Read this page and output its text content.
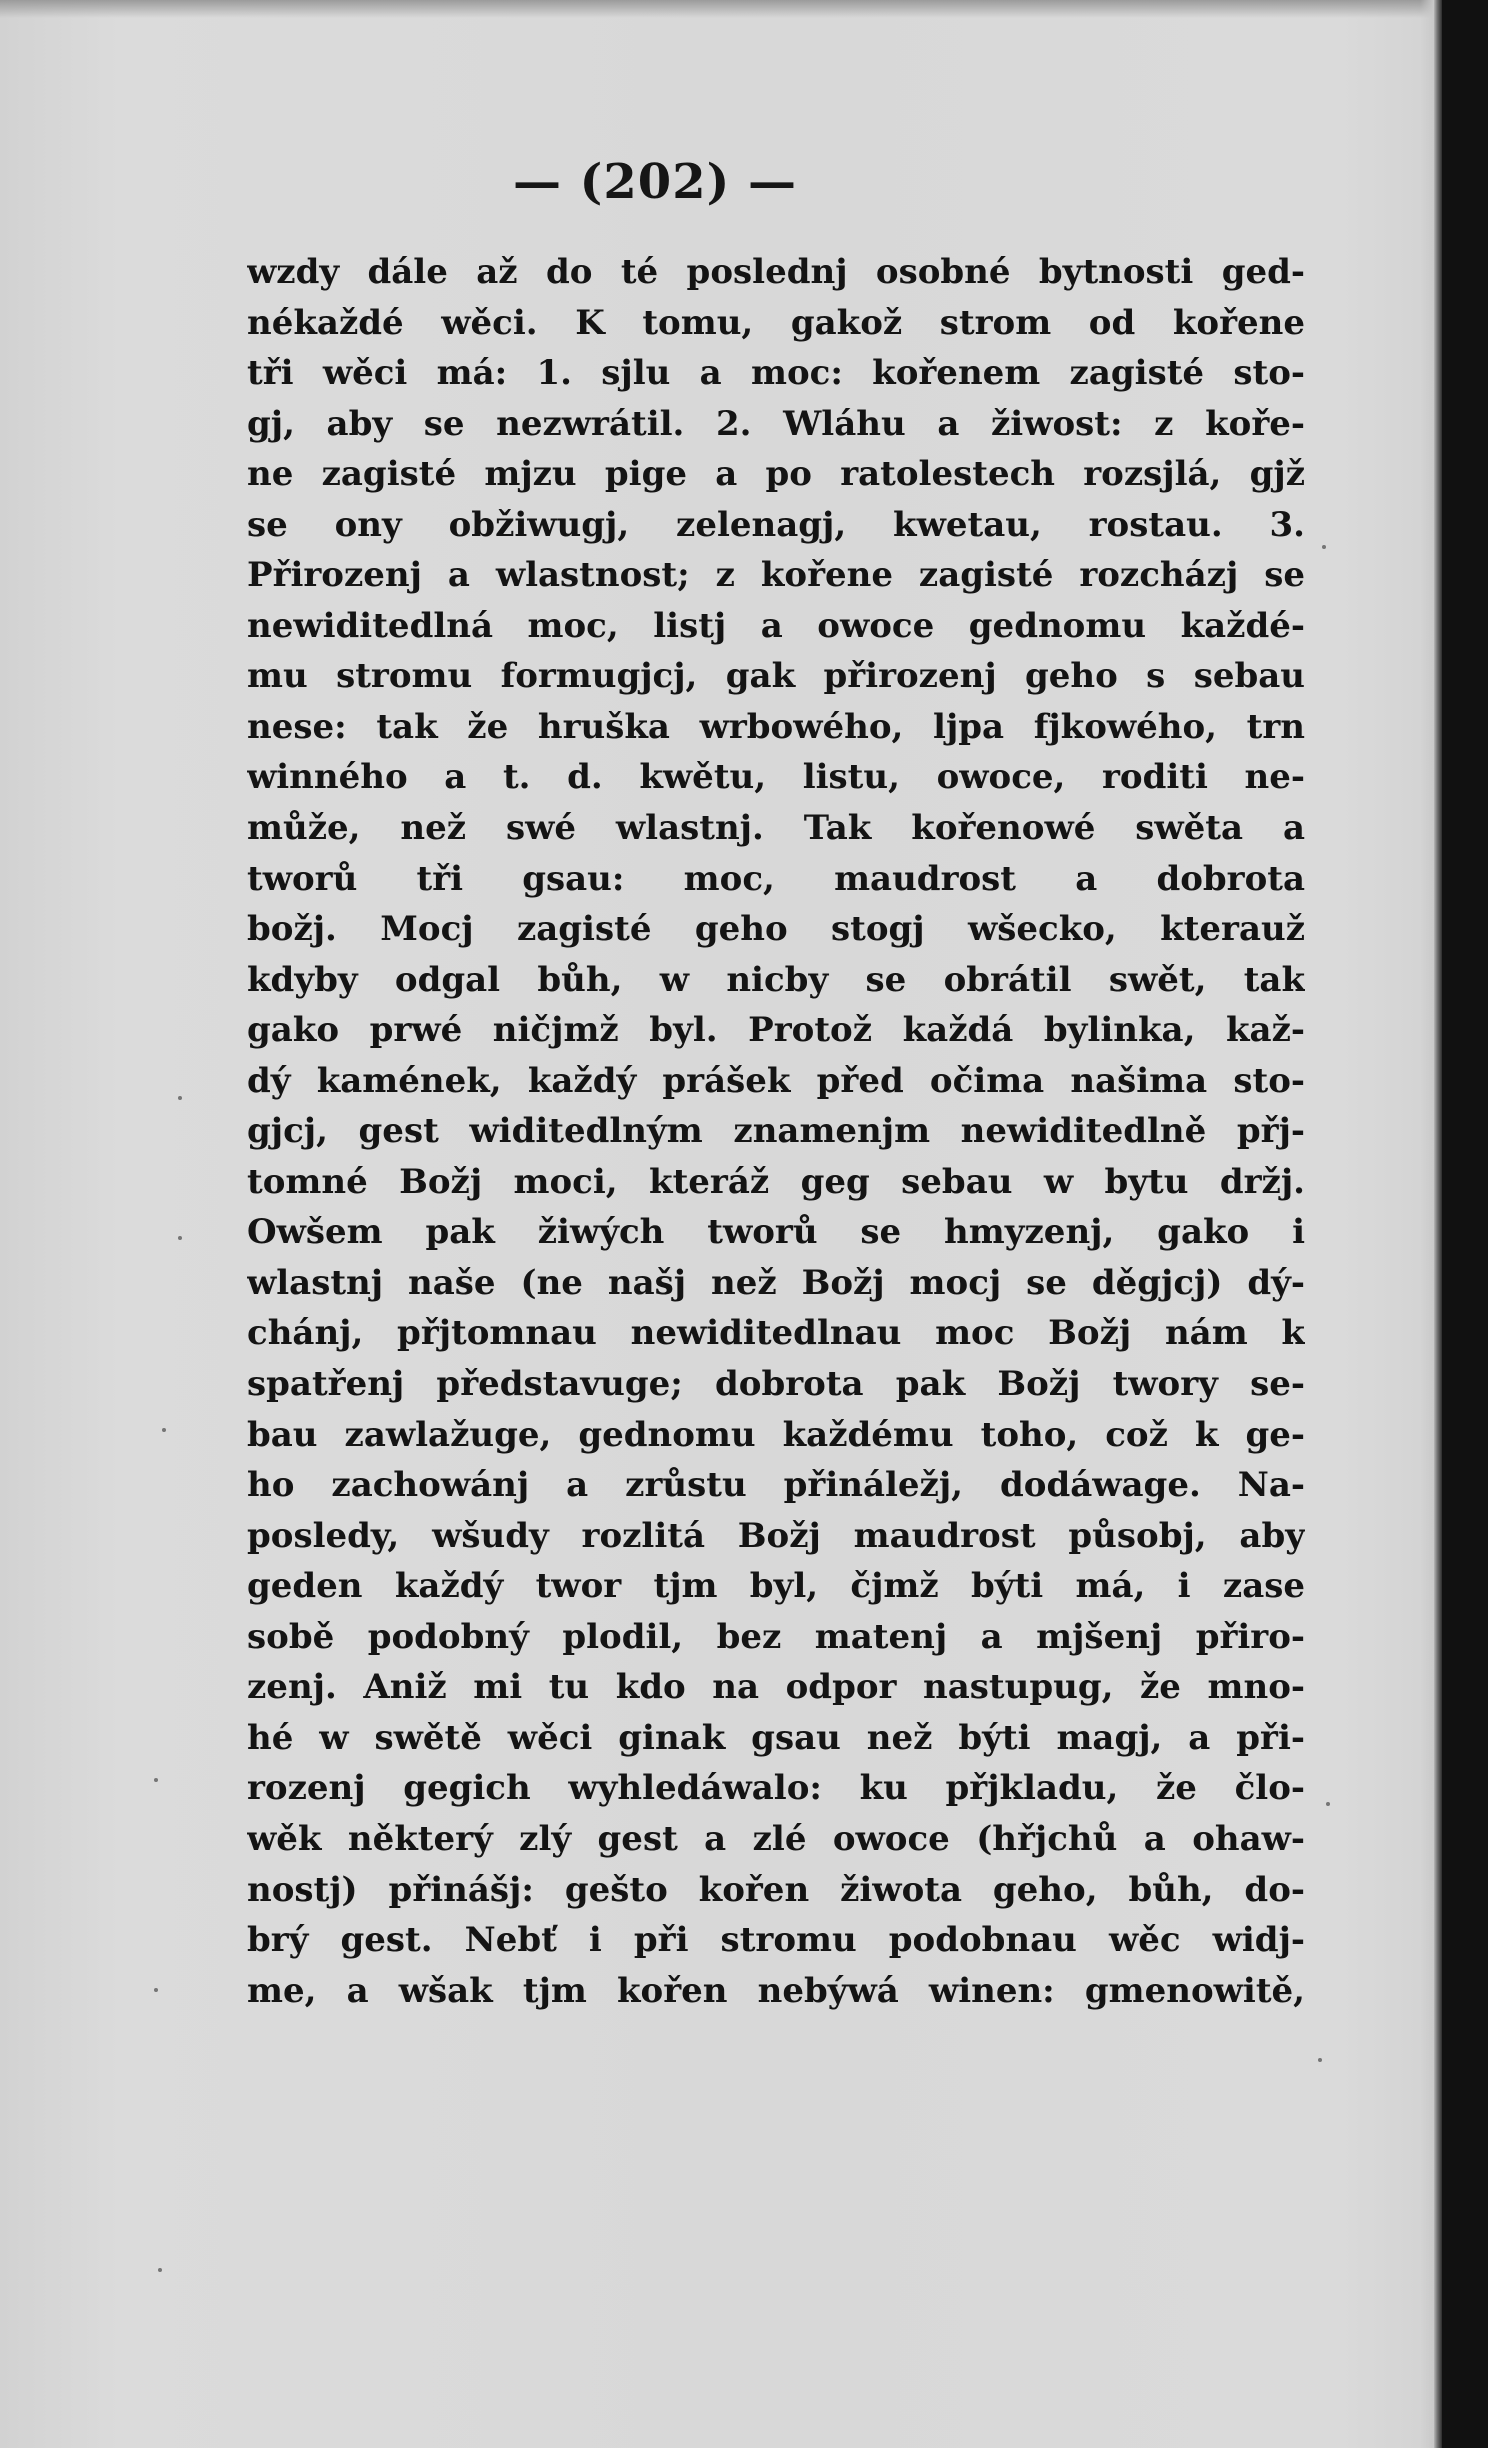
— (202) —
wzdy dále až do té poslednj osobné bytnosti ged-
nékaždé wěci. K tomu, gakož strom od kořene
tři wěci má: 1. sjlu a moc: kořenem zagisté sto-
gj, aby se nezwrátil. 2. Wláhu a žiwost: z koře-
ne zagisté mjzu pige a po ratolestech rozsjlá, gjž
se ony obžiwugj, zelenagj, kwetau, rostau. 3.
Přirozenj a wlastnost; z kořene zagisté rozcházj se
newiditedlná moc, listj a owoce gednomu každé-
mu stromu formugjcj, gak přirozenj geho s sebau
nese: tak že hruška wrbowého, ljpa fjkowého, trn
winného a t. d. kwětu, listu, owoce, roditi ne-
může, než swé wlastnj. Tak kořenowé swěta a
tworů tři gsau: moc, maudrost a dobrota
božj. Mocj zagisté geho stogj wšecko, kterauž
kdyby odgal bůh, w nicby se obrátil swět, tak
gako prwé ničjmž byl. Protož každá bylinka, kaž-
dý kamének, každý prášek před očima našima sto-
gjcj, gest widitedlným znamenjm newiditedlně přj-
tomné Božj moci, kteráž geg sebau w bytu držj.
Owšem pak žiwých tworů se hmyzenj, gako i
wlastnj naše (ne našj než Božj mocj se děgjcj) dý-
chánj, přjtomnau newiditedlnau moc Božj nám k
spatřenj představuge; dobrota pak Božj twory se-
bau zawlažuge, gednomu každému toho, což k ge-
ho zachowánj a zrůstu přináležj, dodáwage. Na-
posledy, wšudy rozlitá Božj maudrost působj, aby
geden každý twor tjm byl, čjmž býti má, i zase
sobě podobný plodil, bez matenj a mjšenj přiro-
zenj. Aniž mi tu kdo na odpor nastupug, že mno-
hé w swětě wěci ginak gsau než býti magj, a při-
rozenj gegich wyhledáwalo: ku přjkladu, že člo-
wěk některý zlý gest a zlé owoce (hřjchů a ohaw-
nostj) přinášj: gešto kořen žiwota geho, bůh, do-
brý gest. Nebť i při stromu podobnau wěc widj-
me, a wšak tjm kořen nebýwá winen: gmenowitě,
